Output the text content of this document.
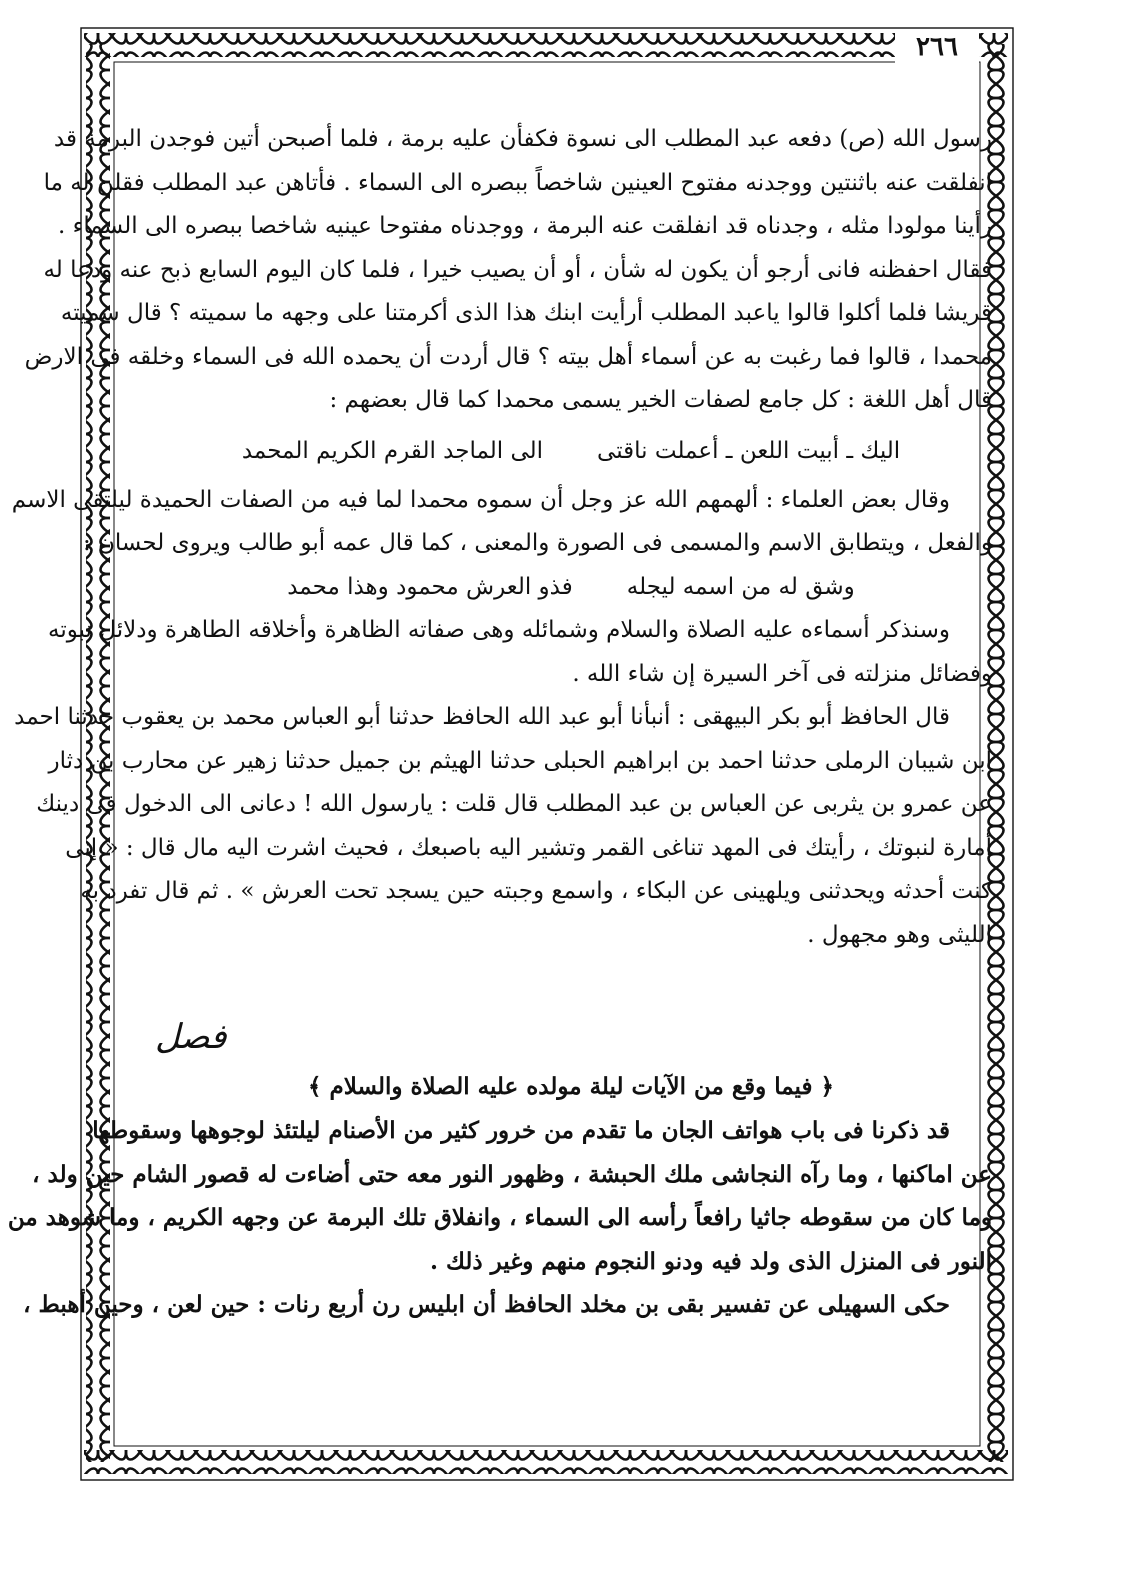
٢٦٦
رسول الله (ص) دفعه عبد المطلب الى نسوة فكفأن عليه برمة ، فلما أصبحن أتين فوجدن البرمة قد
انفلقت عنه باثنتين ووجدنه مفتوح العينين شاخصاً ببصره الى السماء . فأتاهن عبد المطلب فقلن له ما
رأينا مولودا مثله ، وجدناه قد انفلقت عنه البرمة ، ووجدناه مفتوحا عينيه شاخصا ببصره الى السماء .
فقال احفظنه فانى أرجو أن يكون له شأن ، أو أن يصيب خيرا ، فلما كان اليوم السابع ذبح عنه ودعا له
قريشا فلما أكلوا قالوا ياعبد المطلب أرأيت ابنك هذا الذى أكرمتنا على وجهه ما سميته ؟ قال سميته
محمدا ، قالوا فما رغبت به عن أسماء أهل بيته ؟ قال أردت أن يحمده الله فى السماء وخلقه فى الارض
قال أهل اللغة : كل جامع لصفات الخير يسمى محمدا كما قال بعضهم :
اليك ـ أبيت اللعن ـ أعملت ناقتى
الى الماجد القرم الكريم المحمد
وقال بعض العلماء : ألهمهم الله عز وجل أن سموه محمدا لما فيه من الصفات الحميدة ليلتقى الاسم
والفعل ، ويتطابق الاسم والمسمى فى الصورة والمعنى ، كما قال عمه أبو طالب ويروى لحسان :
وشق له من اسمه ليجله
فذو العرش محمود وهذا محمد
وسنذكر أسماءه عليه الصلاة والسلام وشمائله وهى صفاته الظاهرة وأخلاقه الطاهرة ودلائل نبوته
وفضائل منزلته فى آخر السيرة إن شاء الله .
قال الحافظ أبو بكر البيهقى : أنبأنا أبو عبد الله الحافظ حدثنا أبو العباس محمد بن يعقوب حدثنا احمد
ابن شيبان الرملى حدثنا احمد بن ابراهيم الحبلى حدثنا الهيثم بن جميل حدثنا زهير عن محارب بن دثار
عن عمرو بن يثربى عن العباس بن عبد المطلب قال قلت : يارسول الله ! دعانى الى الدخول فى دينك
أمارة لنبوتك ، رأيتك فى المهد تناغى القمر وتشير اليه باصبعك ، فحيث اشرت اليه مال قال : « إنى
كنت أحدثه ويحدثنى ويلهينى عن البكاء ، واسمع وجبته حين يسجد تحت العرش » . ثم قال تفرد به
الليثى وهو مجهول .
فصل
﴿ فيما وقع من الآيات ليلة مولده عليه الصلاة والسلام ﴾
قد ذكرنا فى باب هواتف الجان ما تقدم من خرور كثير من الأصنام ليلتئذ لوجوهها وسقوطها
عن اماكنها ، وما رآه النجاشى ملك الحبشة ، وظهور النور معه حتى أضاءت له قصور الشام حين ولد ،
وما كان من سقوطه جاثيا رافعاً رأسه الى السماء ، وانفلاق تلك البرمة عن وجهه الكريم ، وما شوهد من
النور فى المنزل الذى ولد فيه ودنو النجوم منهم وغير ذلك .
حكى السهيلى عن تفسير بقى بن مخلد الحافظ أن ابليس رن أربع رنات : حين لعن ، وحين أهبط ،
